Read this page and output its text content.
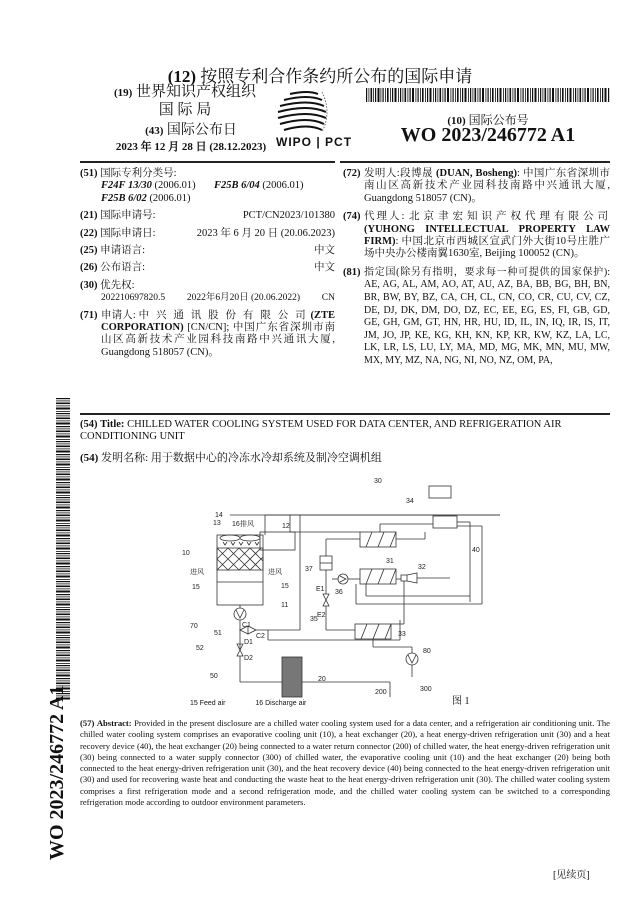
(12) 按照专利合作条约所公布的国际申请
(19) 世界知识产权组织
国 际 局
(43) 国际公布日
2023 年 12 月 28 日 (28.12.2023) WIPO | PCT
(10) 国际公布号
WO 2023/246772 A1
(51) 国际专利分类号:
F24F 13/30 (2006.01) F25B 6/04 (2006.01)
F25B 6/02 (2006.01)
(21) 国际申请号:	PCT/CN2023/101380
(22) 国际申请日:	2023 年 6 月 20 日 (20.06.2023)
(25) 申请语言:	中文
(26) 公布语言:	中文
(30) 优先权:
202210697820.5 2022年6月20日 (20.06.2022) CN
(71) 申请人: 中 兴 通 讯 股 份 有 限 公 司 (ZTE CORPORATION) [CN/CN]; 中国广东省深圳市南山区高新技术产业园科技南路中兴通讯大厦, Guangdong 518057 (CN)。
(72) 发明人:段博晟 (DUAN, Bosheng): 中国广东省深圳市南山区高新技术产业园科技南路中兴通讯大厦, Guangdong 518057 (CN)。
(74) 代理人: 北京聿宏知识产权代理有限公司(YUHONG INTELLECTUAL PROPERTY LAW FIRM): 中国北京市西城区宣武门外大街10号庄胜广场中央办公楼南翼1630室, Beijing 100052 (CN)。
(81) 指定国(除另有指明，要求每一种可提供的国家保护): AE, AG, AL, AM, AO, AT, AU, AZ, BA, BB, BG, BH, BN, BR, BW, BY, BZ, CA, CH, CL, CN, CO, CR, CU, CV, CZ, DE, DJ, DK, DM, DO, DZ, EC, EE, EG, ES, FI, GB, GD, GE, GH, GM, GT, HN, HR, HU, ID, IL, IN, IQ, IR, IS, IT, JM, JO, JP, KE, KG, KH, KN, KP, KR, KW, KZ, LA, LC, LK, LR, LS, LU, LY, MA, MD, MG, MK, MN, MU, MW, MX, MY, MZ, NA, NG, NI, NO, NZ, OM, PA,
WO 2023/246772 A1
(54) Title: CHILLED WATER COOLING SYSTEM USED FOR DATA CENTER, AND REFRIGERATION AIR CONDITIONING UNIT
(54) 发明名称: 用于数据中心的冷冻水冷却系统及制冷空调机组
14
13 16 排风	12
10
进风
15
进风
15
11
70
51
C1
C2
D1
52
D2
50	20
200	300
80
33
35
E1
E2
36
37
31
32
30
34
40
图 1
15 Feed air	16 Discharge air
(57) Abstract: Provided in the present disclosure are a chilled water cooling system used for a data center, and a refrigeration air conditioning unit. The chilled water cooling system comprises an evaporative cooling unit (10), a heat exchanger (20), a heat energy-driven refrigeration unit (30) and a heat recovery device (40), the heat exchanger (20) being connected to a water return connector (200) of chilled water, the heat energy-driven refrigeration unit (30) being connected to a water supply connector (300) of chilled water, the evaporative cooling unit (10) and the heat exchanger (20) being both connected to the heat energy-driven refrigeration unit (30), and the heat recovery device (40) being connected to the heat energy-driven refrigeration unit (30) and used for recovering waste heat and conducting the waste heat to the heat energy-driven refrigeration unit (30). The chilled water cooling system comprises a first refrigeration mode and a second refrigeration mode, and the chilled water cooling system can be switched to a corresponding refrigeration mode according to outdoor environment parameters.
[见续页]
